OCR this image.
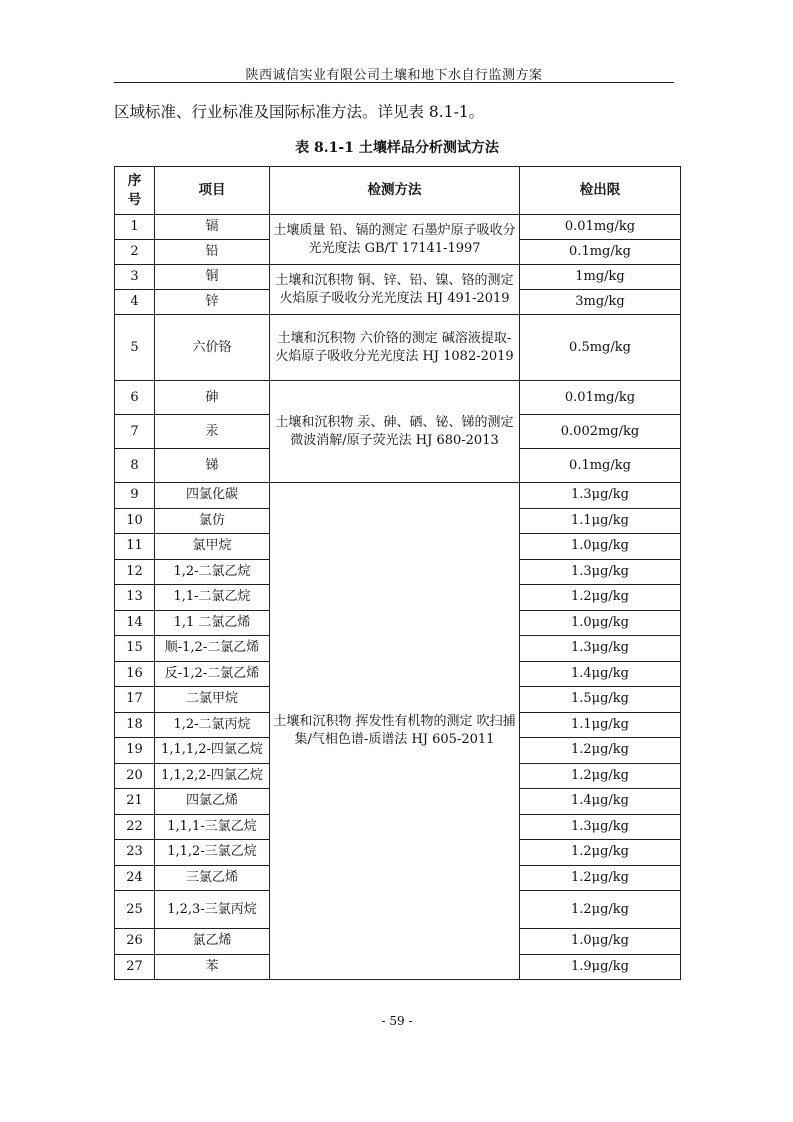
陕西诚信实业有限公司土壤和地下水自行监测方案
区域标准、行业标准及国际标准方法。详见表 8.1-1。
表 8.1-1 土壤样品分析测试方法
序号	项目	检测方法	检出限
1	镉	土壤质量 铅、镉的测定 石墨炉原子吸收分光光度法 GB/T 17141-1997	0.01mg/kg
2	铅		0.1mg/kg
3	铜	土壤和沉积物 铜、锌、铅、镍、铬的测定 火焰原子吸收分光光度法 HJ 491-2019	1mg/kg
4	锌		3mg/kg
5	六价铬	土壤和沉积物 六价铬的测定 碱溶液提取-火焰原子吸收分光光度法 HJ 1082-2019	0.5mg/kg
6	砷	土壤和沉积物 汞、砷、硒、铋、锑的测定 微波消解/原子荧光法 HJ 680-2013	0.01mg/kg
7	汞		0.002mg/kg
8	锑		0.1mg/kg
9	四氯化碳	土壤和沉积物 挥发性有机物的测定 吹扫捕集/气相色谱-质谱法 HJ 605-2011	1.3μg/kg
10	氯仿		1.1μg/kg
11	氯甲烷		1.0μg/kg
12	1,2-二氯乙烷		1.3μg/kg
13	1,1-二氯乙烷		1.2μg/kg
14	1,1 二氯乙烯		1.0μg/kg
15	顺-1,2-二氯乙烯		1.3μg/kg
16	反-1,2-二氯乙烯		1.4μg/kg
17	二氯甲烷		1.5μg/kg
18	1,2-二氯丙烷		1.1μg/kg
19	1,1,1,2-四氯乙烷		1.2μg/kg
20	1,1,2,2-四氯乙烷		1.2μg/kg
21	四氯乙烯		1.4μg/kg
22	1,1,1-三氯乙烷		1.3μg/kg
23	1,1,2-三氯乙烷		1.2μg/kg
24	三氯乙烯		1.2μg/kg
25	1,2,3-三氯丙烷		1.2μg/kg
26	氯乙烯		1.0μg/kg
27	苯		1.9μg/kg
- 59 -
